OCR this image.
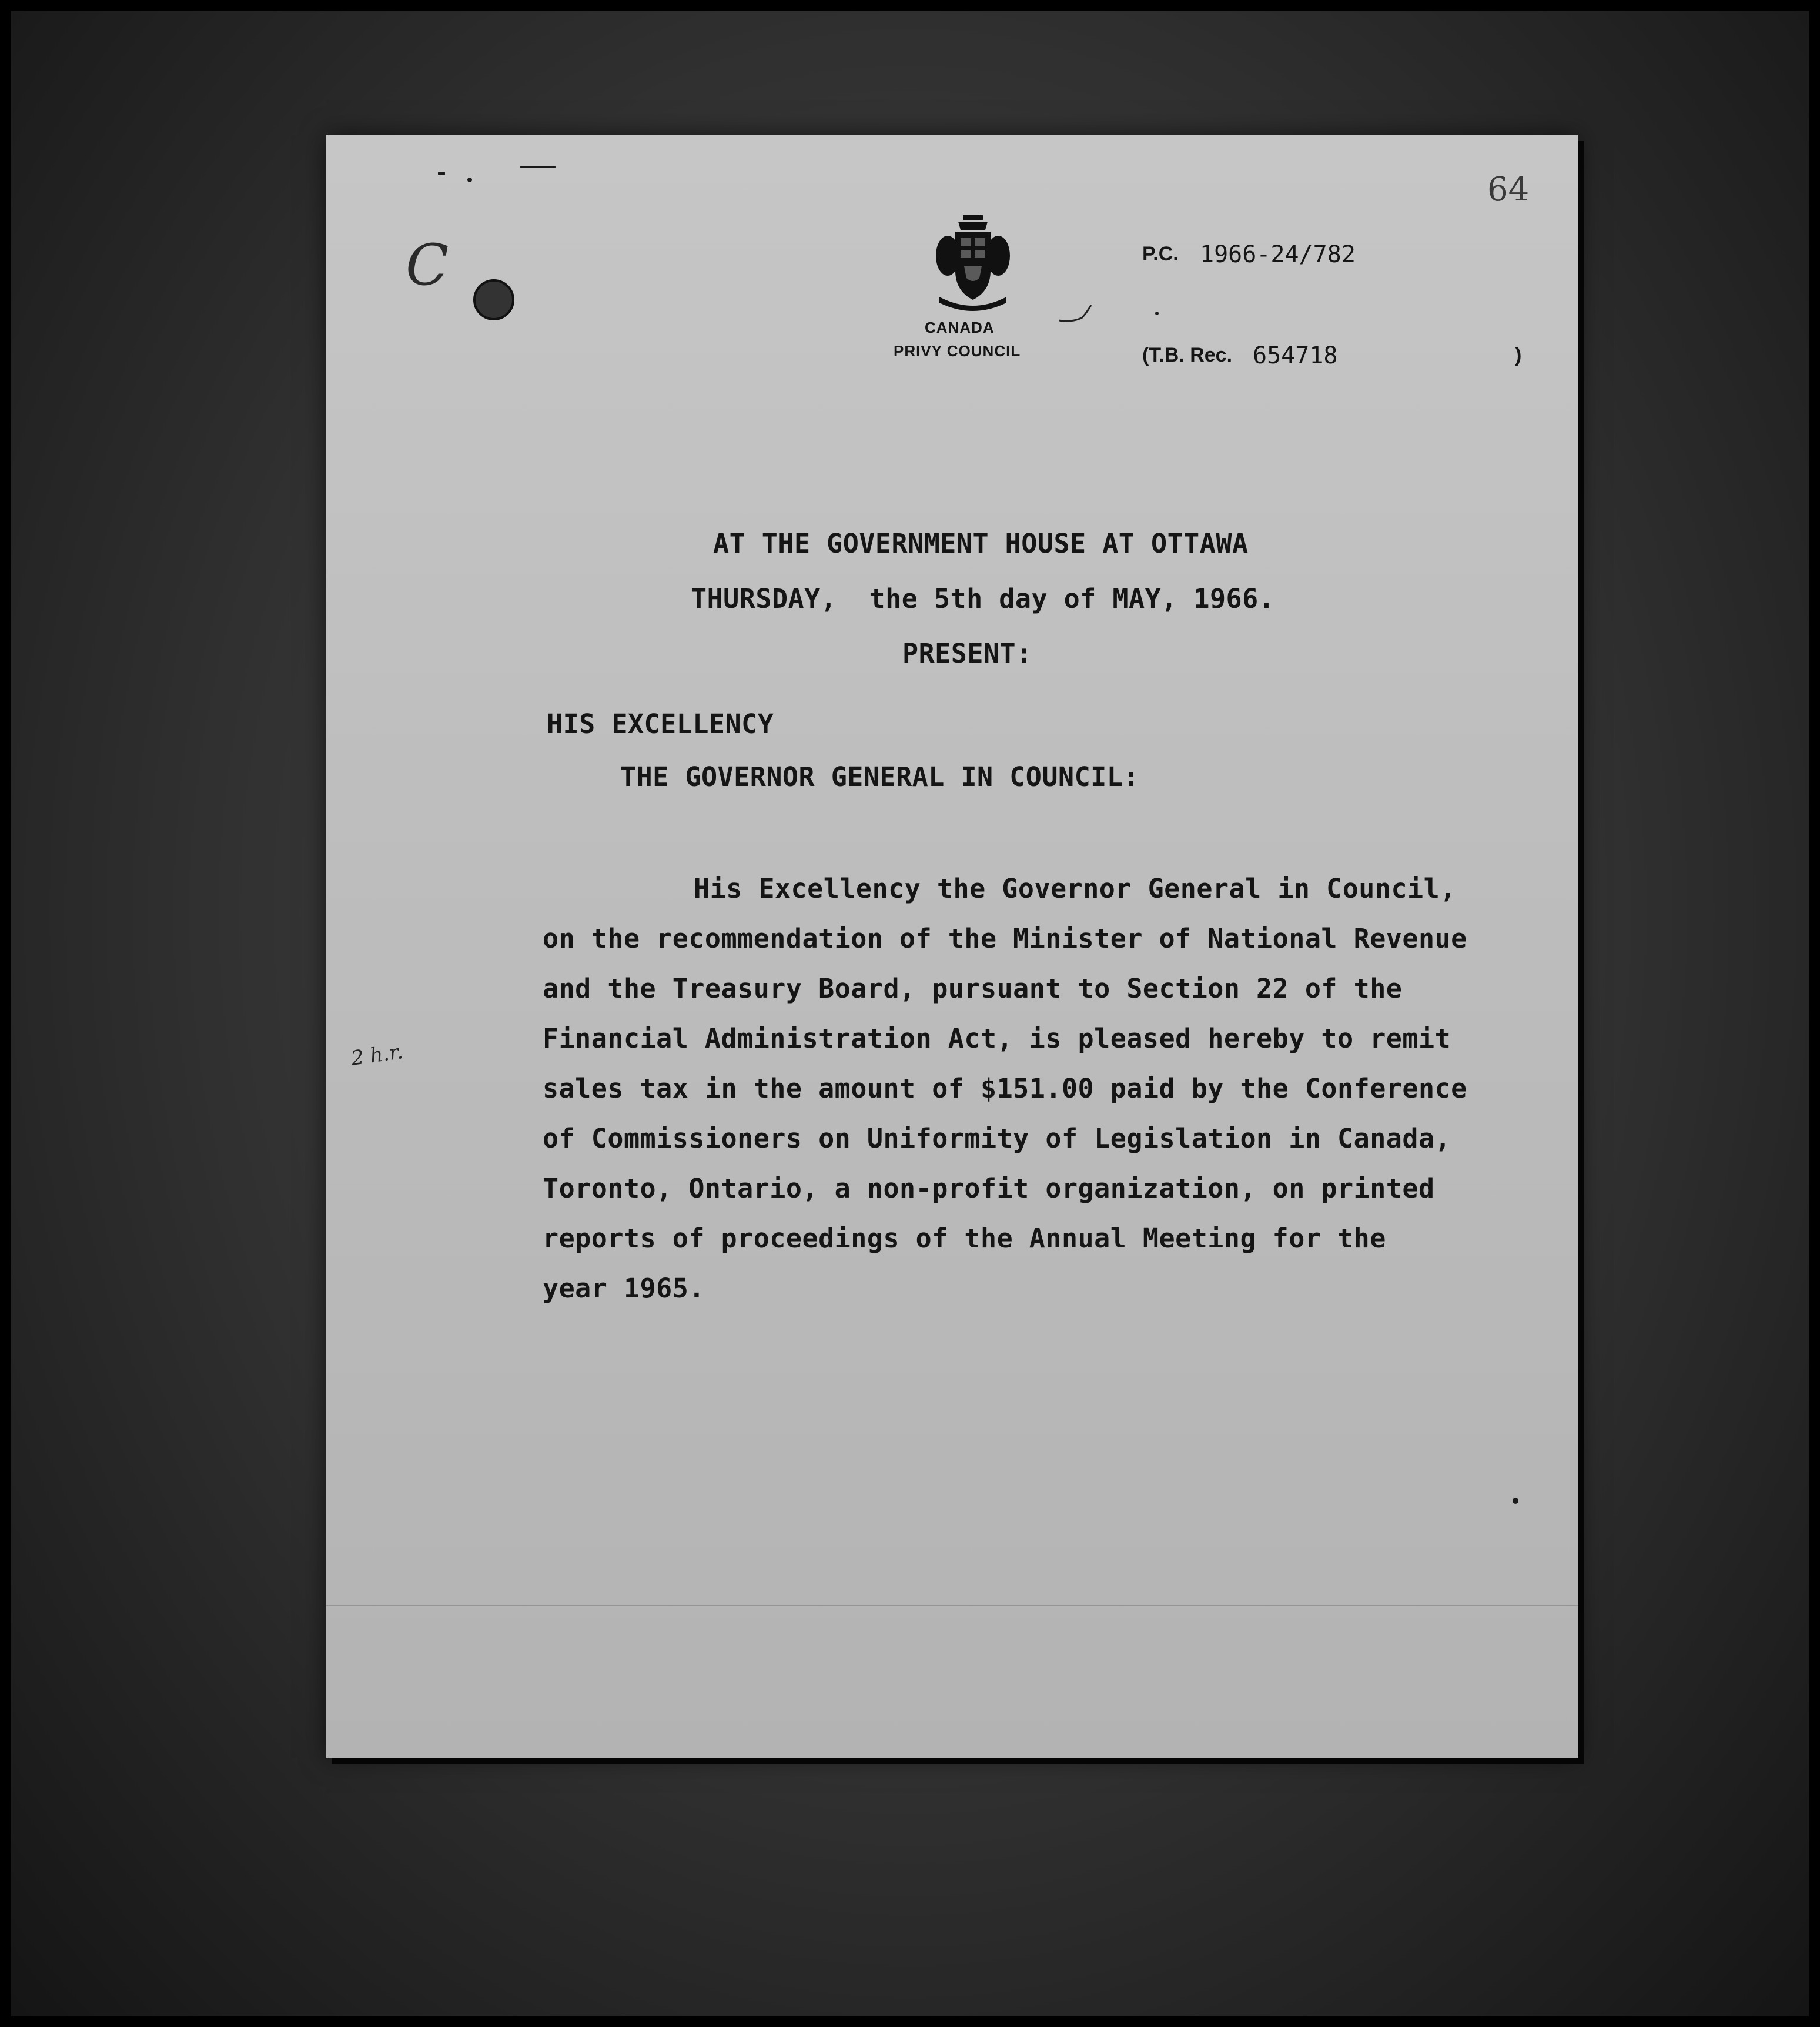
64
C
CANADA
PRIVY COUNCIL
P.C. 1966-24/782
(T.B. Rec. 654718	)
AT THE GOVERNMENT HOUSE AT OTTAWA
THURSDAY,  the 5th day of MAY, 1966.
PRESENT:
HIS EXCELLENCY
THE GOVERNOR GENERAL IN COUNCIL:
His Excellency the Governor General in Council,
on the recommendation of the Minister of National Revenue
and the Treasury Board, pursuant to Section 22 of the
Financial Administration Act, is pleased hereby to remit
sales tax in the amount of $151.00 paid by the Conference
of Commissioners on Uniformity of Legislation in Canada,
Toronto, Ontario, a non-profit organization, on printed
reports of proceedings of the Annual Meeting for the
year 1965.
2 h.r.
